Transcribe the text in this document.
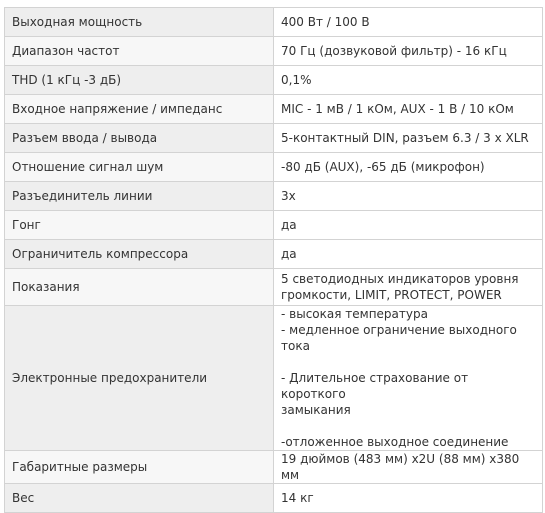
Выходная мощность	400 Вт / 100 В

Диапазон частот	70 Гц (дозвуковой фильтр) - 16 кГц

THD (1 кГц -3 дБ)	0,1%

Входное напряжение / импеданс	MIC - 1 мВ / 1 кОм, AUX - 1 В / 10 кОм

Разъем ввода / вывода	5-контактный DIN, разъем 6.3 / 3 x XLR

Отношение сигнал шум	-80 дБ (AUX), -65 дБ (микрофон)

Разъединитель линии	3x

Гонг	да

Ограничитель компрессора	да

Показания	5 светодиодных индикаторов уровня
громкости, LIMIT, PROTECT, POWER

Электронные предохранители	- высокая температура
- медленное ограничение выходного тока
- Длительное страхование от короткого
замыкания
-отложенное выходное соединение

Габаритные размеры	19 дюймов (483 мм) x2U (88 мм) x380 мм

Вес	14 кг
